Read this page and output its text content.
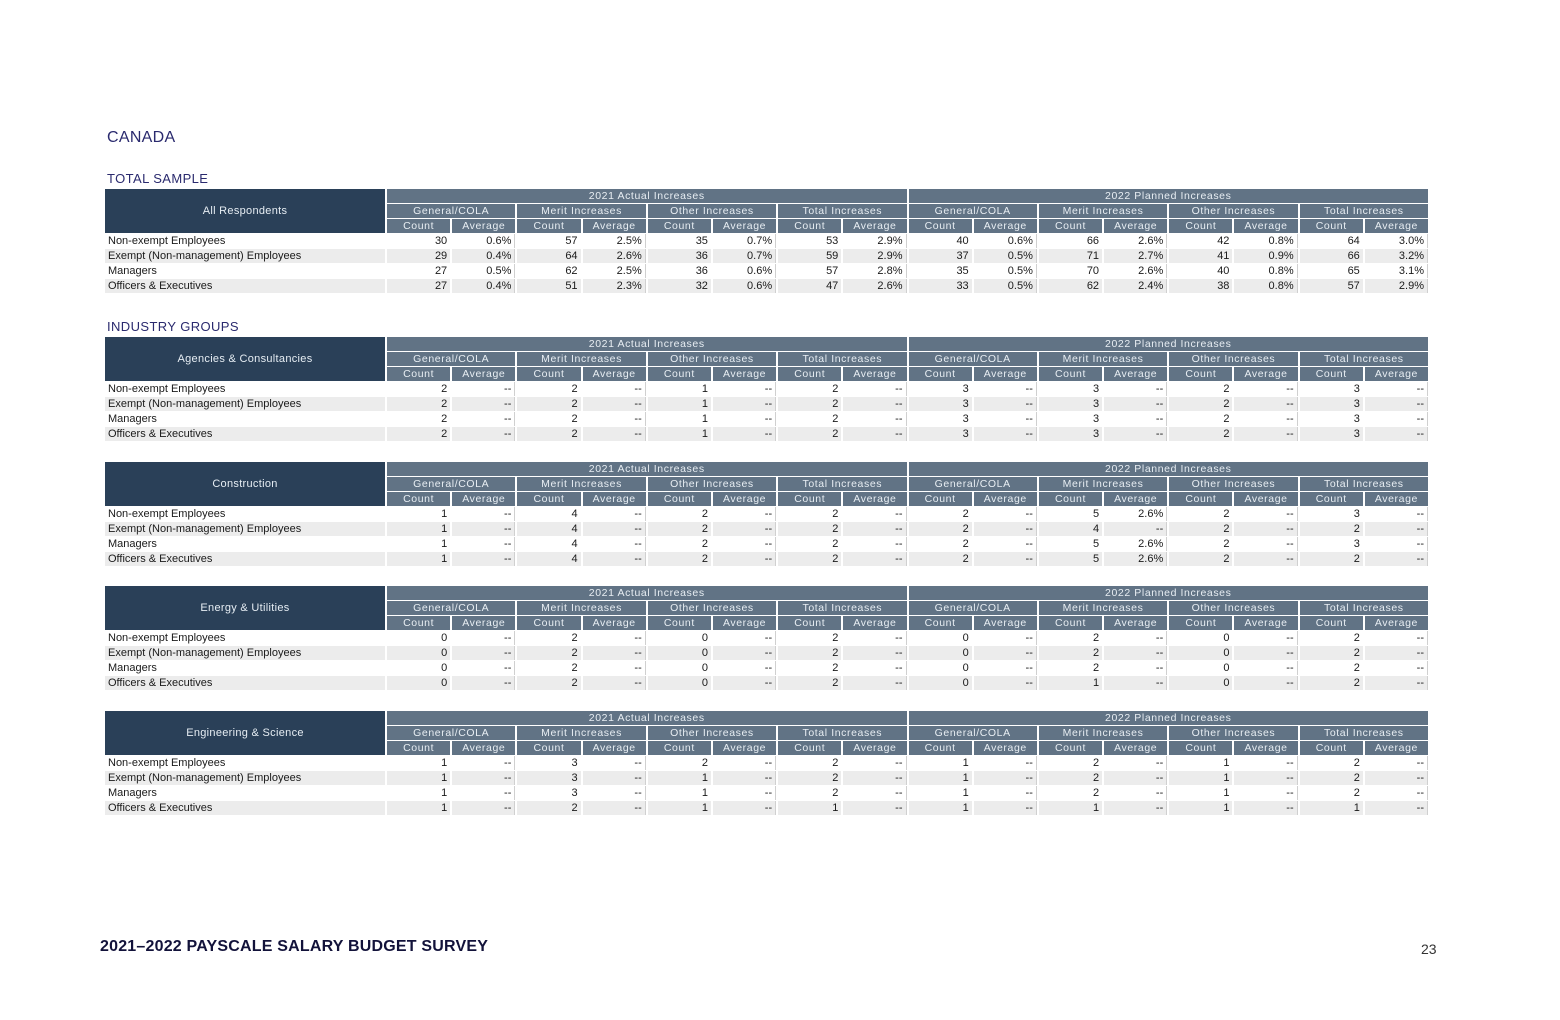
CANADA
TOTAL SAMPLE
INDUSTRY GROUPS
All Respondents	2021 Actual Increases								2022 Planned Increases							
	General/COLA		Merit Increases		Other Increases		Total Increases		General/COLA		Merit Increases		Other Increases		Total Increases	
	Count	Average	Count	Average	Count	Average	Count	Average	Count	Average	Count	Average	Count	Average	Count	Average
Non-exempt Employees	30	0.6%	57	2.5%	35	0.7%	53	2.9%	40	0.6%	66	2.6%	42	0.8%	64	3.0%
Exempt (Non-management) Employees	29	0.4%	64	2.6%	36	0.7%	59	2.9%	37	0.5%	71	2.7%	41	0.9%	66	3.2%
Managers	27	0.5%	62	2.5%	36	0.6%	57	2.8%	35	0.5%	70	2.6%	40	0.8%	65	3.1%
Officers & Executives	27	0.4%	51	2.3%	32	0.6%	47	2.6%	33	0.5%	62	2.4%	38	0.8%	57	2.9%
Agencies & Consultancies	2021 Actual Increases								2022 Planned Increases							
	General/COLA		Merit Increases		Other Increases		Total Increases		General/COLA		Merit Increases		Other Increases		Total Increases	
	Count	Average	Count	Average	Count	Average	Count	Average	Count	Average	Count	Average	Count	Average	Count	Average
Non-exempt Employees	2	--	2	--	1	--	2	--	3	--	3	--	2	--	3	--
Exempt (Non-management) Employees	2	--	2	--	1	--	2	--	3	--	3	--	2	--	3	--
Managers	2	--	2	--	1	--	2	--	3	--	3	--	2	--	3	--
Officers & Executives	2	--	2	--	1	--	2	--	3	--	3	--	2	--	3	--
Construction	2021 Actual Increases								2022 Planned Increases							
	General/COLA		Merit Increases		Other Increases		Total Increases		General/COLA		Merit Increases		Other Increases		Total Increases	
	Count	Average	Count	Average	Count	Average	Count	Average	Count	Average	Count	Average	Count	Average	Count	Average
Non-exempt Employees	1	--	4	--	2	--	2	--	2	--	5	2.6%	2	--	3	--
Exempt (Non-management) Employees	1	--	4	--	2	--	2	--	2	--	4	--	2	--	2	--
Managers	1	--	4	--	2	--	2	--	2	--	5	2.6%	2	--	3	--
Officers & Executives	1	--	4	--	2	--	2	--	2	--	5	2.6%	2	--	2	--
Energy & Utilities	2021 Actual Increases								2022 Planned Increases							
	General/COLA		Merit Increases		Other Increases		Total Increases		General/COLA		Merit Increases		Other Increases		Total Increases	
	Count	Average	Count	Average	Count	Average	Count	Average	Count	Average	Count	Average	Count	Average	Count	Average
Non-exempt Employees	0	--	2	--	0	--	2	--	0	--	2	--	0	--	2	--
Exempt (Non-management) Employees	0	--	2	--	0	--	2	--	0	--	2	--	0	--	2	--
Managers	0	--	2	--	0	--	2	--	0	--	2	--	0	--	2	--
Officers & Executives	0	--	2	--	0	--	2	--	0	--	1	--	0	--	2	--
Engineering & Science	2021 Actual Increases								2022 Planned Increases							
	General/COLA		Merit Increases		Other Increases		Total Increases		General/COLA		Merit Increases		Other Increases		Total Increases	
	Count	Average	Count	Average	Count	Average	Count	Average	Count	Average	Count	Average	Count	Average	Count	Average
Non-exempt Employees	1	--	3	--	2	--	2	--	1	--	2	--	1	--	2	--
Exempt (Non-management) Employees	1	--	3	--	1	--	2	--	1	--	2	--	1	--	2	--
Managers	1	--	3	--	1	--	2	--	1	--	2	--	1	--	2	--
Officers & Executives	1	--	2	--	1	--	1	--	1	--	1	--	1	--	1	--
2021–2022 PAYSCALE SALARY BUDGET SURVEY	23
